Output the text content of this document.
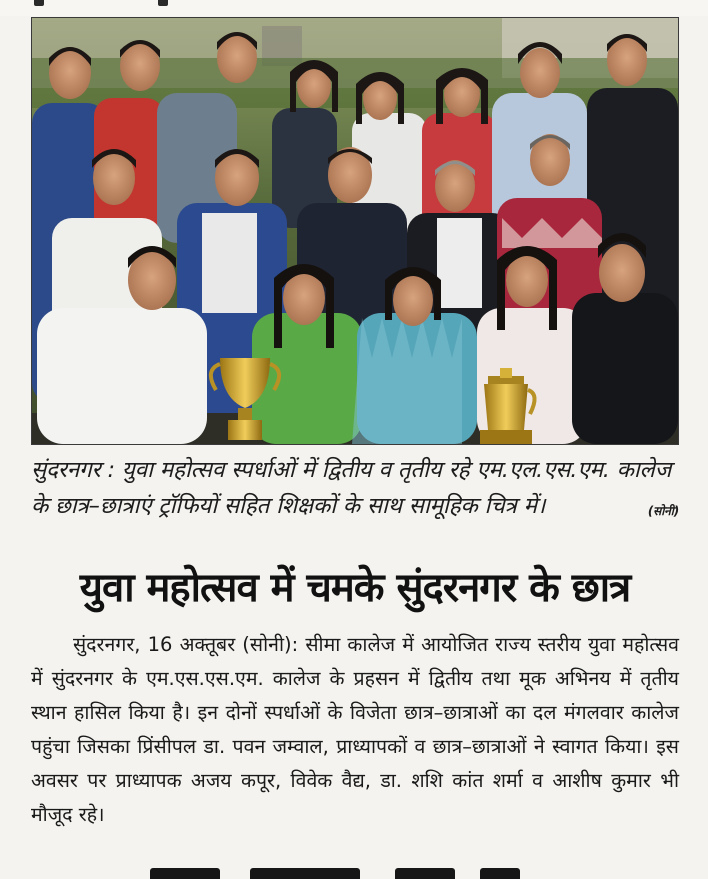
सुंदरनगर : युवा महोत्सव स्पर्धाओं में द्वितीय व तृतीय रहे एम.एल.एस.एम. कालेज के छात्र–छात्राएं ट्रॉफियों सहित शिक्षकों के साथ सामूहिक चित्र में।	(सोनी)
युवा महोत्सव में चमके सुंदरनगर के छात्र
सुंदरनगर, 16 अक्तूबर (सोनी): सीमा कालेज में आयोजित राज्य स्तरीय युवा महोत्सव में सुंदरनगर के एम.एस.एस.एम. कालेज के प्रहसन में द्वितीय तथा मूक अभिनय में तृतीय स्थान हासिल किया है। इन दोनों स्पर्धाओं के विजेता छात्र–छात्राओं का दल मंगलवार कालेज पहुंचा जिसका प्रिंसीपल डा. पवन जम्वाल, प्राध्यापकों व छात्र–छात्राओं ने स्वागत किया। इस अवसर पर प्राध्यापक अजय कपूर, विवेक वैद्य, डा. शशि कांत शर्मा व आशीष कुमार भी मौजूद रहे।
